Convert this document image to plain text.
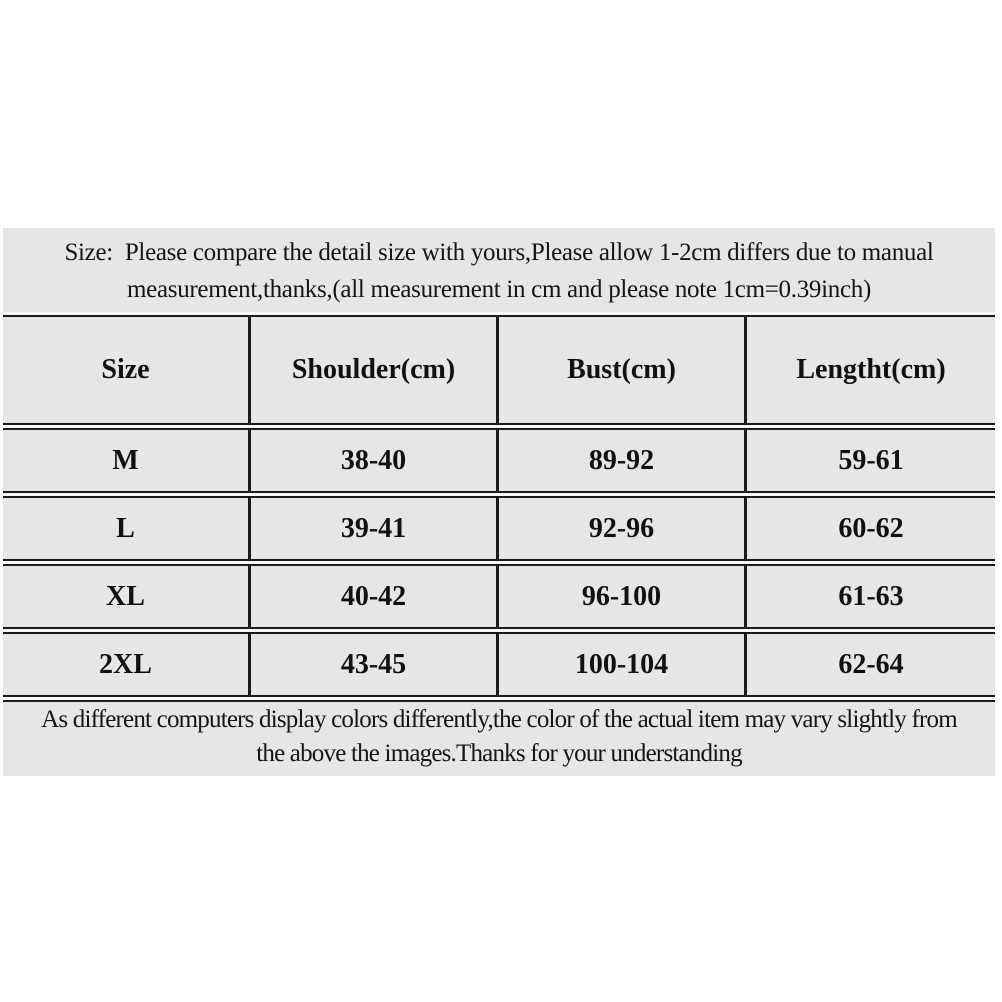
Size:  Please compare the detail size with yours,Please allow 1-2cm differs due to manual
measurement,thanks,(all measurement in cm and please note 1cm=0.39inch)
Size	Shoulder(cm)	Bust(cm)	Lengtht(cm)
M	38-40	89-92	59-61
L	39-41	92-96	60-62
XL	40-42	96-100	61-63
2XL	43-45	100-104	62-64
As different computers display colors differently,the color of the actual item may vary slightly from
the above the images.Thanks for your understanding
